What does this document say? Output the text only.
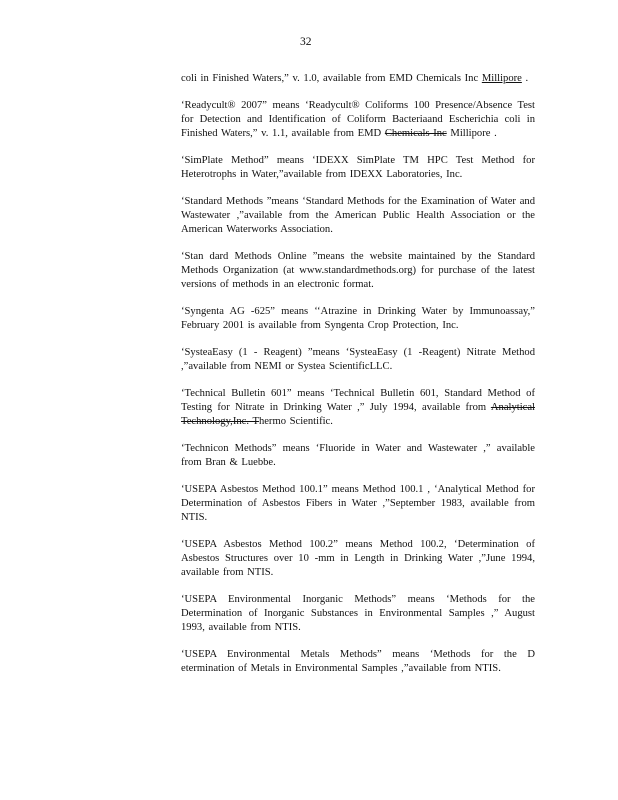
32

coli in Finished Waters,” v. 1.0, available from EMD Chemicals Inc Millipore .

‘Readycult® 2007” means ‘Readycult® Coliforms 100 Presence/Absence Test for Detection and Identification of Coliform Bacteriaand Escherichia coli in Finished Waters,” v. 1.1, available from EMD Chemicals Inc Millipore .

‘SimPlate Method” means ‘IDEXX SimPlate TM HPC Test Method for Heterotrophs in Water,”available from IDEXX Laboratories, Inc.

‘Standard Methods ”means ‘Standard Methods for the Examination of Water and Wastewater ,”available from the American Public Health Association or the American Waterworks Association.

‘Stan dard Methods Online ”means the website maintained by the Standard Methods Organization (at www.standardmethods.org) for purchase of the latest versions of methods in an electronic format.

‘Syngenta AG -625” means ‘‘Atrazine in Drinking Water by Immunoassay,” February 2001 is available from Syngenta Crop Protection, Inc.

‘SysteaEasy (1 - Reagent) ”means ‘SysteaEasy (1 -Reagent) Nitrate Method ,”available from NEMI or Systea ScientificLLC.

‘Technical Bulletin 601” means ‘Technical Bulletin 601, Standard Method of Testing for Nitrate in Drinking Water ,” July 1994, available from Analytical Technology,Inc. Thermo Scientific.

‘Technicon Methods” means ‘Fluoride in Water and Wastewater ,” available from Bran & Luebbe.

‘USEPA Asbestos Method 100.1” means Method 100.1 , ‘Analytical Method for Determination of Asbestos Fibers in Water ,”September 1983, available from NTIS.

‘USEPA Asbestos Method 100.2” means Method 100.2, ‘Determination of Asbestos Structures over 10 -mm in Length in Drinking Water ,”June 1994, available from NTIS.

‘USEPA Environmental Inorganic Methods” means ‘Methods for the Determination of Inorganic Substances in Environmental Samples ,” August 1993, available from NTIS.

‘USEPA Environmental Metals Methods” means ‘Methods for the D etermination of Metals in Environmental Samples ,”available from NTIS.
